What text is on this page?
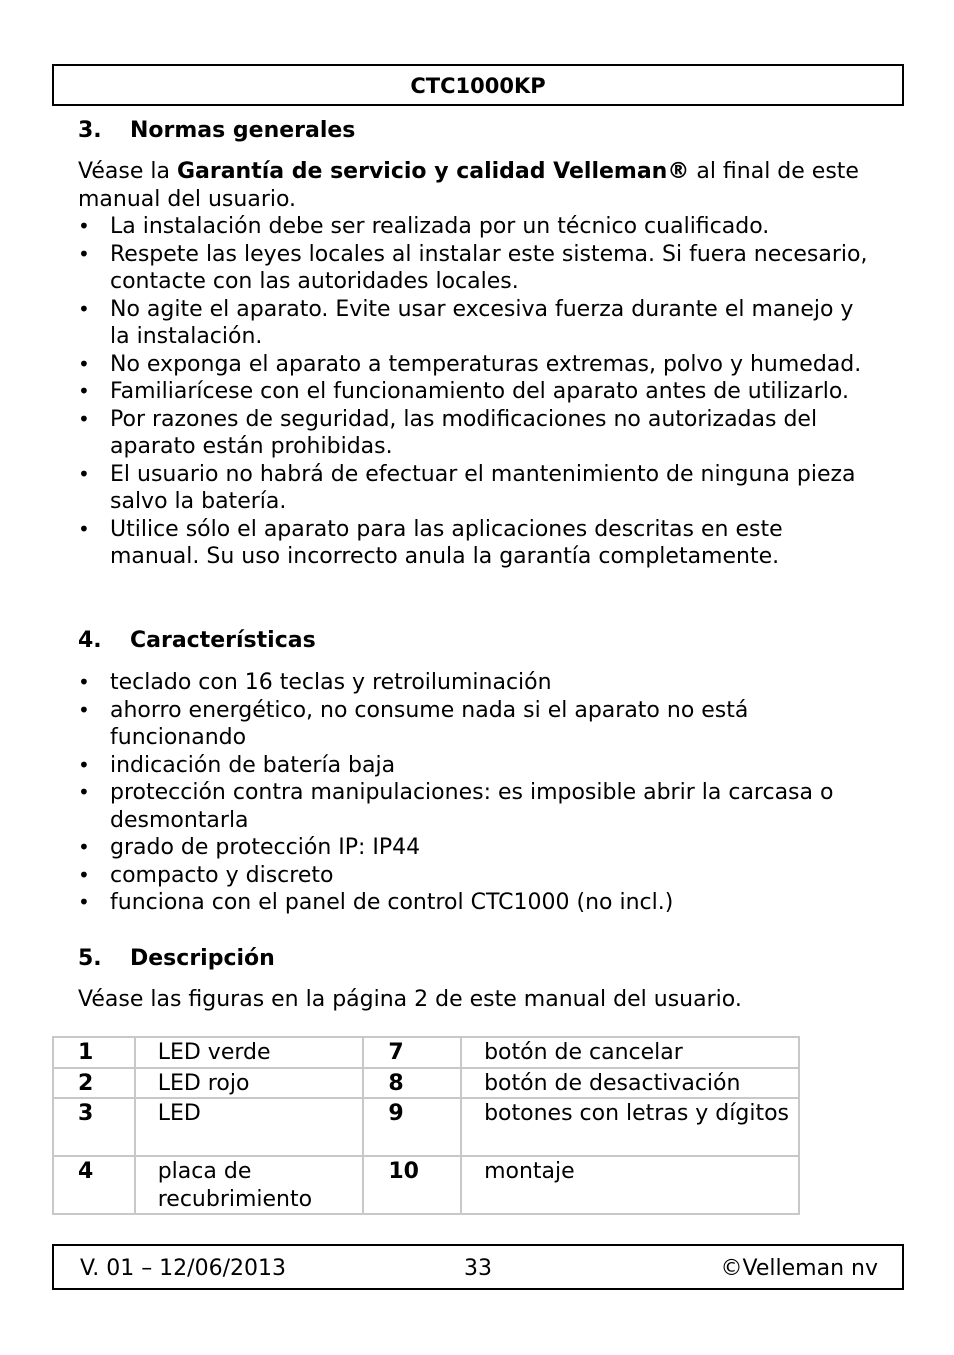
CTC1000KP
3. Normas generales
Véase la Garantía de servicio y calidad Velleman® al final de este manual del usuario.
• La instalación debe ser realizada por un técnico cualificado.
• Respete las leyes locales al instalar este sistema. Si fuera necesario, contacte con las autoridades locales.
• No agite el aparato. Evite usar excesiva fuerza durante el manejo y la instalación.
• No exponga el aparato a temperaturas extremas, polvo y humedad.
• Familiarícese con el funcionamiento del aparato antes de utilizarlo.
• Por razones de seguridad, las modificaciones no autorizadas del aparato están prohibidas.
• El usuario no habrá de efectuar el mantenimiento de ninguna pieza salvo la batería.
• Utilice sólo el aparato para las aplicaciones descritas en este manual. Su uso incorrecto anula la garantía completamente.
4. Características
• teclado con 16 teclas y retroiluminación
• ahorro energético, no consume nada si el aparato no está funcionando
• indicación de batería baja
• protección contra manipulaciones: es imposible abrir la carcasa o desmontarla
• grado de protección IP: IP44
• compacto y discreto
• funciona con el panel de control CTC1000 (no incl.)
5. Descripción
Véase las figuras en la página 2 de este manual del usuario.
1	LED verde	7	botón de cancelar
2	LED rojo	8	botón de desactivación
3	LED	9	botones con letras y dígitos
4	placa de recubrimiento	10	montaje
V. 01 – 12/06/2013	33	©Velleman nv
